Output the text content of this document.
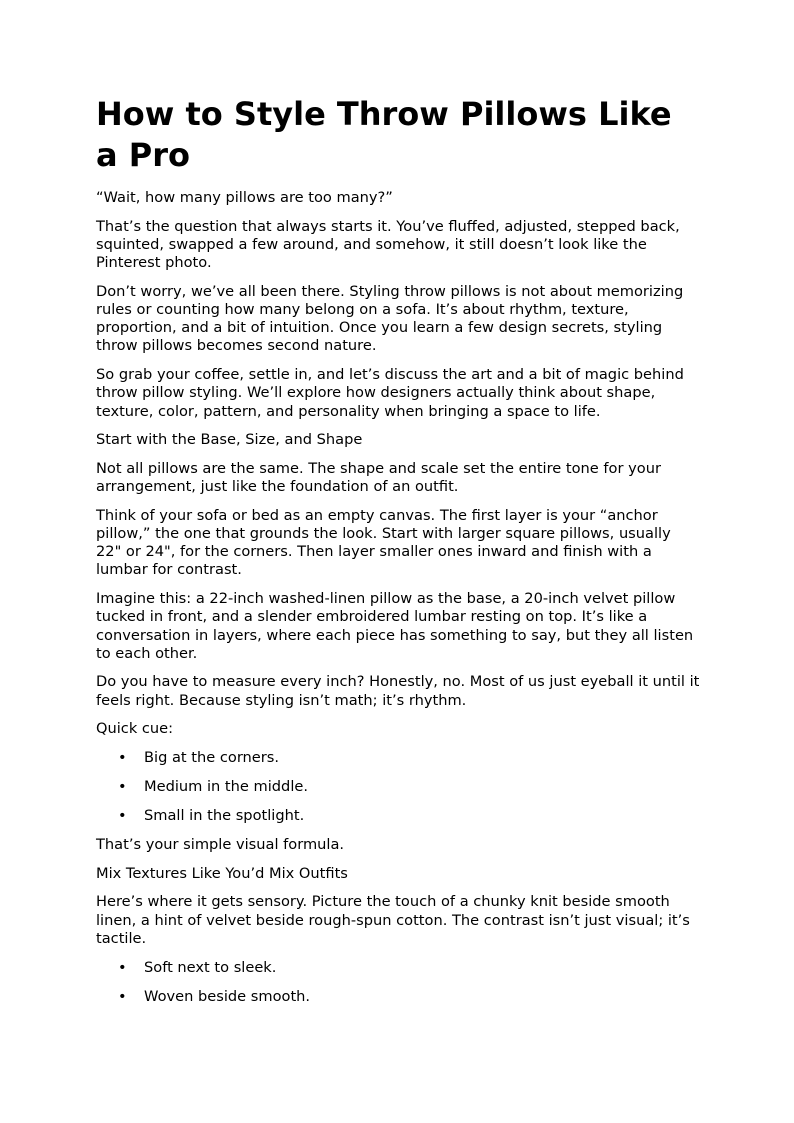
How to Style Throw Pillows Like a Pro

“Wait, how many pillows are too many?”

That’s the question that always starts it. You’ve fluffed, adjusted, stepped back, squinted, swapped a few around, and somehow, it still doesn’t look like the Pinterest photo.

Don’t worry, we’ve all been there. Styling throw pillows is not about memorizing rules or counting how many belong on a sofa. It’s about rhythm, texture, proportion, and a bit of intuition. Once you learn a few design secrets, styling throw pillows becomes second nature.

So grab your coffee, settle in, and let’s discuss the art and a bit of magic behind throw pillow styling. We’ll explore how designers actually think about shape, texture, color, pattern, and personality when bringing a space to life.

Start with the Base, Size, and Shape

Not all pillows are the same. The shape and scale set the entire tone for your arrangement, just like the foundation of an outfit.

Think of your sofa or bed as an empty canvas. The first layer is your “anchor pillow,” the one that grounds the look. Start with larger square pillows, usually 22" or 24", for the corners. Then layer smaller ones inward and finish with a lumbar for contrast.

Imagine this: a 22-inch washed-linen pillow as the base, a 20-inch velvet pillow tucked in front, and a slender embroidered lumbar resting on top. It’s like a conversation in layers, where each piece has something to say, but they all listen to each other.

Do you have to measure every inch? Honestly, no. Most of us just eyeball it until it feels right. Because styling isn’t math; it’s rhythm.

Quick cue:

• Big at the corners.
• Medium in the middle.
• Small in the spotlight.

That’s your simple visual formula.

Mix Textures Like You’d Mix Outfits

Here’s where it gets sensory. Picture the touch of a chunky knit beside smooth linen, a hint of velvet beside rough-spun cotton. The contrast isn’t just visual; it’s tactile.

• Soft next to sleek.
• Woven beside smooth.
